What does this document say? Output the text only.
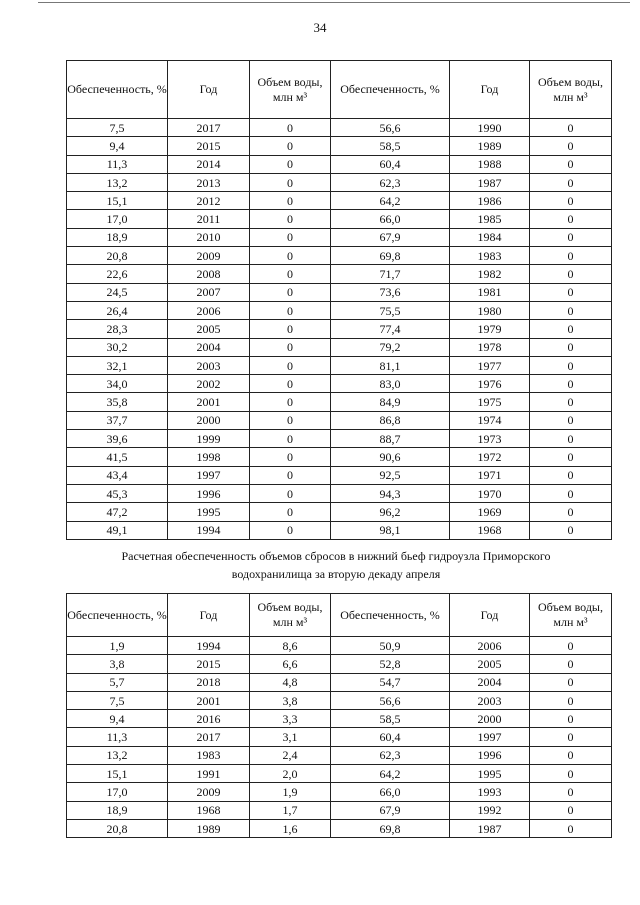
34
Обеспеченность, %	Год	Объем воды, млн м³	Обеспеченность, %	Год	Объем воды, млн м³
7,5	2017	0	56,6	1990	0
9,4	2015	0	58,5	1989	0
11,3	2014	0	60,4	1988	0
13,2	2013	0	62,3	1987	0
15,1	2012	0	64,2	1986	0
17,0	2011	0	66,0	1985	0
18,9	2010	0	67,9	1984	0
20,8	2009	0	69,8	1983	0
22,6	2008	0	71,7	1982	0
24,5	2007	0	73,6	1981	0
26,4	2006	0	75,5	1980	0
28,3	2005	0	77,4	1979	0
30,2	2004	0	79,2	1978	0
32,1	2003	0	81,1	1977	0
34,0	2002	0	83,0	1976	0
35,8	2001	0	84,9	1975	0
37,7	2000	0	86,8	1974	0
39,6	1999	0	88,7	1973	0
41,5	1998	0	90,6	1972	0
43,4	1997	0	92,5	1971	0
45,3	1996	0	94,3	1970	0
47,2	1995	0	96,2	1969	0
49,1	1994	0	98,1	1968	0
Расчетная обеспеченность объемов сбросов в нижний бьеф гидроузла Приморского
водохранилища за вторую декаду апреля
Обеспеченность, %	Год	Объем воды, млн м³	Обеспеченность, %	Год	Объем воды, млн м³
1,9	1994	8,6	50,9	2006	0
3,8	2015	6,6	52,8	2005	0
5,7	2018	4,8	54,7	2004	0
7,5	2001	3,8	56,6	2003	0
9,4	2016	3,3	58,5	2000	0
11,3	2017	3,1	60,4	1997	0
13,2	1983	2,4	62,3	1996	0
15,1	1991	2,0	64,2	1995	0
17,0	2009	1,9	66,0	1993	0
18,9	1968	1,7	67,9	1992	0
20,8	1989	1,6	69,8	1987	0
